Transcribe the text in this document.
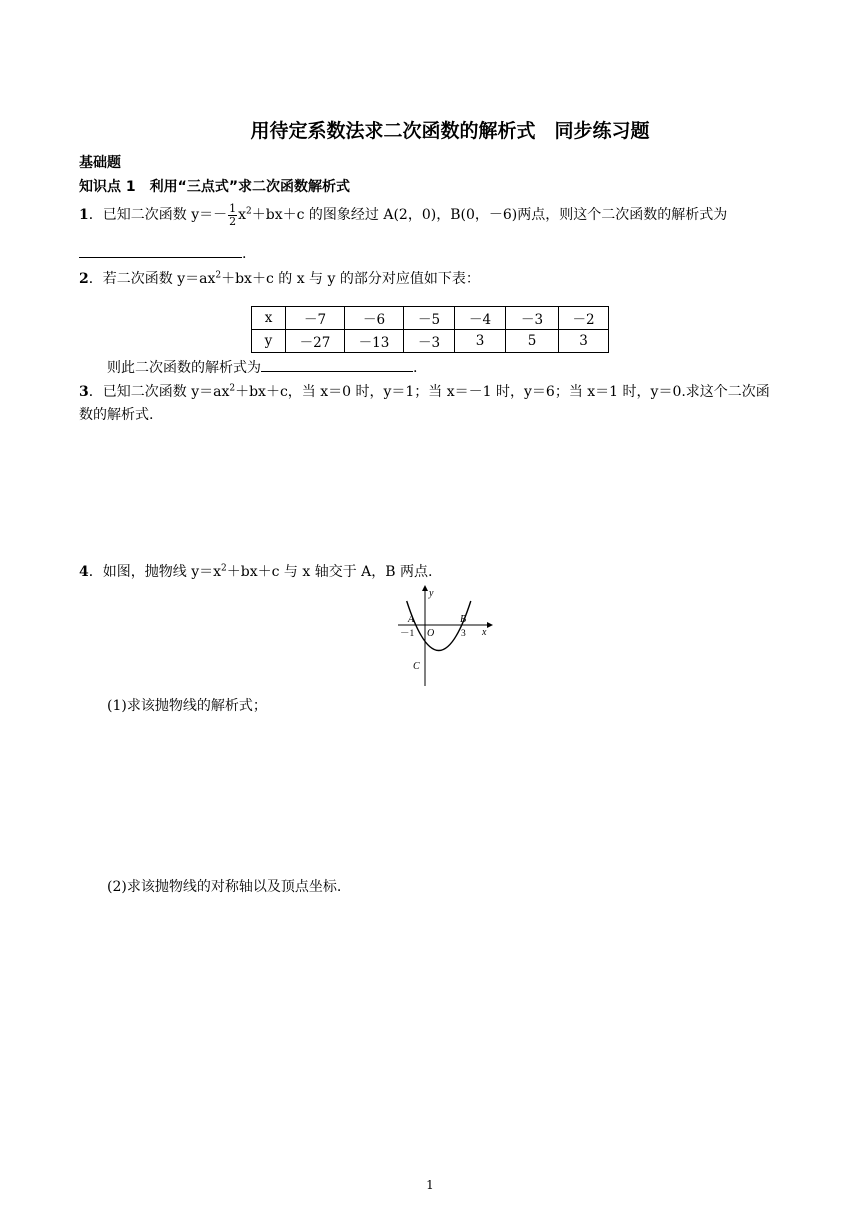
用待定系数法求二次函数的解析式　同步练习题
基础题
知识点 1　利用“三点式”求二次函数解析式
1．已知二次函数 $y=- \frac{1}{2} x^2+bx+c$ 的图象经过 A(2，0)，B(0，－6)两点，则这个二次函数的解析式为
.
2．若二次函数 $y=ax^2+bx+c$ 的 x 与 y 的部分对应值如下表：
x	－7	－6	－5	－4	－3	－2
y	－27	－13	－3	3	5	3
则此二次函数的解析式为	.
3．已知二次函数 $y=ax^2+bx+c$，当 x＝0 时，y＝1；当 x＝－1 时，y＝6；当 x＝1 时，y＝0.求这个二次函
数的解析式.
4．如图，抛物线 $y=x^2+bx+c$ 与 x 轴交于 A，B 两点.
y
x
A	B
O
－1	3
C
(1)求该抛物线的解析式；
(2)求该抛物线的对称轴以及顶点坐标.
1
